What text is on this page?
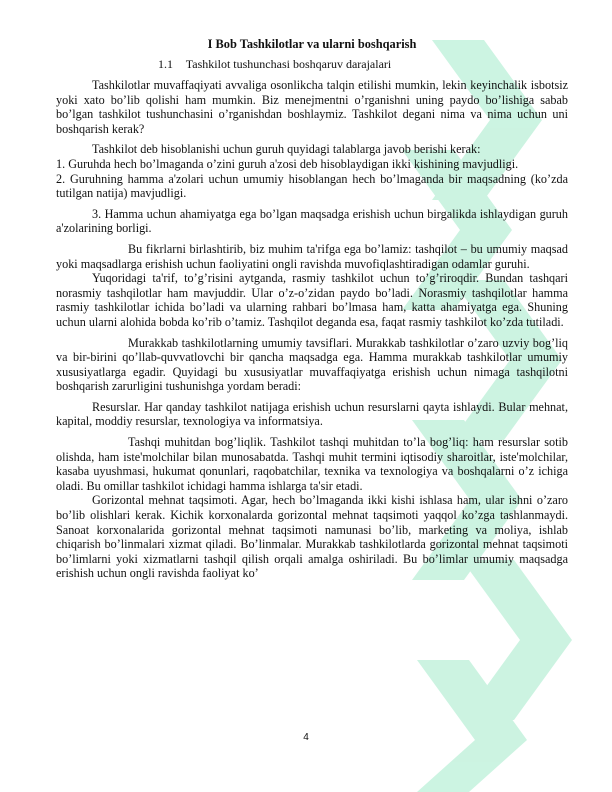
I Bob Tashkilotlar va ularni boshqarish
1.1 Tashkilot tushunchasi boshqaruv darajalari

Tashkilotlar muvaffaqiyati avvaliga osonlikcha talqin etilishi mumkin, lekin keyinchalik isbotsiz yoki xato bo’lib qolishi ham mumkin. Biz menejmentni o’rganishni uning paydo bo’lishiga sabab bo’lgan tashkilot tushunchasini o’rganishdan boshlaymiz. Tashkilot degani nima va nima uchun uni boshqarish kerak?

Tashkilot deb hisoblanishi uchun guruh quyidagi talablarga javob berishi kerak:

1. Guruhda hech bo’lmaganda o’zini guruh a'zosi deb hisoblaydigan ikki kishining mavjudligi.

2. Guruhning hamma a'zolari uchun umumiy hisoblangan hech bo’lmaganda bir maqsadning (ko’zda tutilgan natija) mavjudligi.

3. Hamma uchun ahamiyatga ega bo’lgan maqsadga erishish uchun birgalikda ishlaydigan guruh a'zolarining borligi.

Bu fikrlarni birlashtirib, biz muhim ta'rifga ega bo’lamiz: tashqilot – bu umumiy maqsad yoki maqsadlarga erishish uchun faoliyatini ongli ravishda muvofiqlashtiradigan odamlar guruhi.

Yuqoridagi ta'rif, to’g’risini aytganda, rasmiy tashkilot uchun to’g’riroqdir. Bundan tashqari norasmiy tashqilotlar ham mavjuddir. Ular o’z-o’zidan paydo bo’ladi. Norasmiy tashqilotlar hamma rasmiy tashkilotlar ichida bo’ladi va ularning rahbari bo’lmasa ham, katta ahamiyatga ega. Shuning uchun ularni alohida bobda ko’rib o’tamiz. Tashqilot deganda esa, faqat rasmiy tashkilot ko’zda tutiladi.

Murakkab tashkilotlarning umumiy tavsiflari. Murakkab tashkilotlar o’zaro uzviy bog’liq va bir-birini qo’llab-quvvatlovchi bir qancha maqsadga ega. Hamma murakkab tashkilotlar umumiy xususiyatlarga egadir. Quyidagi bu xususiyatlar muvaffaqiyatga erishish uchun nimaga tashqilotni boshqarish zarurligini tushunishga yordam beradi:

Resurslar. Har qanday tashkilot natijaga erishish uchun resurslarni qayta ishlaydi. Bular mehnat, kapital, moddiy resurslar, texnologiya va informatsiya.

Tashqi muhitdan bog’liqlik. Tashkilot tashqi muhitdan to’la bog’liq: ham resurslar sotib olishda, ham iste'molchilar bilan munosabatda. Tashqi muhit termini iqtisodiy sharoitlar, iste'molchilar, kasaba uyushmasi, hukumat qonunlari, raqobatchilar, texnika va texnologiya va boshqalarni o’z ichiga oladi. Bu omillar tashkilot ichidagi hamma ishlarga ta'sir etadi.

Gorizontal mehnat taqsimoti. Agar, hech bo’lmaganda ikki kishi ishlasa ham, ular ishni o’zaro bo’lib olishlari kerak. Kichik korxonalarda gorizontal mehnat taqsimoti yaqqol ko’zga tashlanmaydi. Sanoat korxonalarida gorizontal mehnat taqsimoti namunasi bo’lib, marketing va moliya, ishlab chiqarish bo’linmalari xizmat qiladi. Bo’linmalar. Murakkab tashkilotlarda gorizontal mehnat taqsimoti bo’limlarni yoki xizmatlarni tashqil qilish orqali amalga oshiriladi. Bu bo’limlar umumiy maqsadga erishish uchun ongli ravishda faoliyat ko’

4
